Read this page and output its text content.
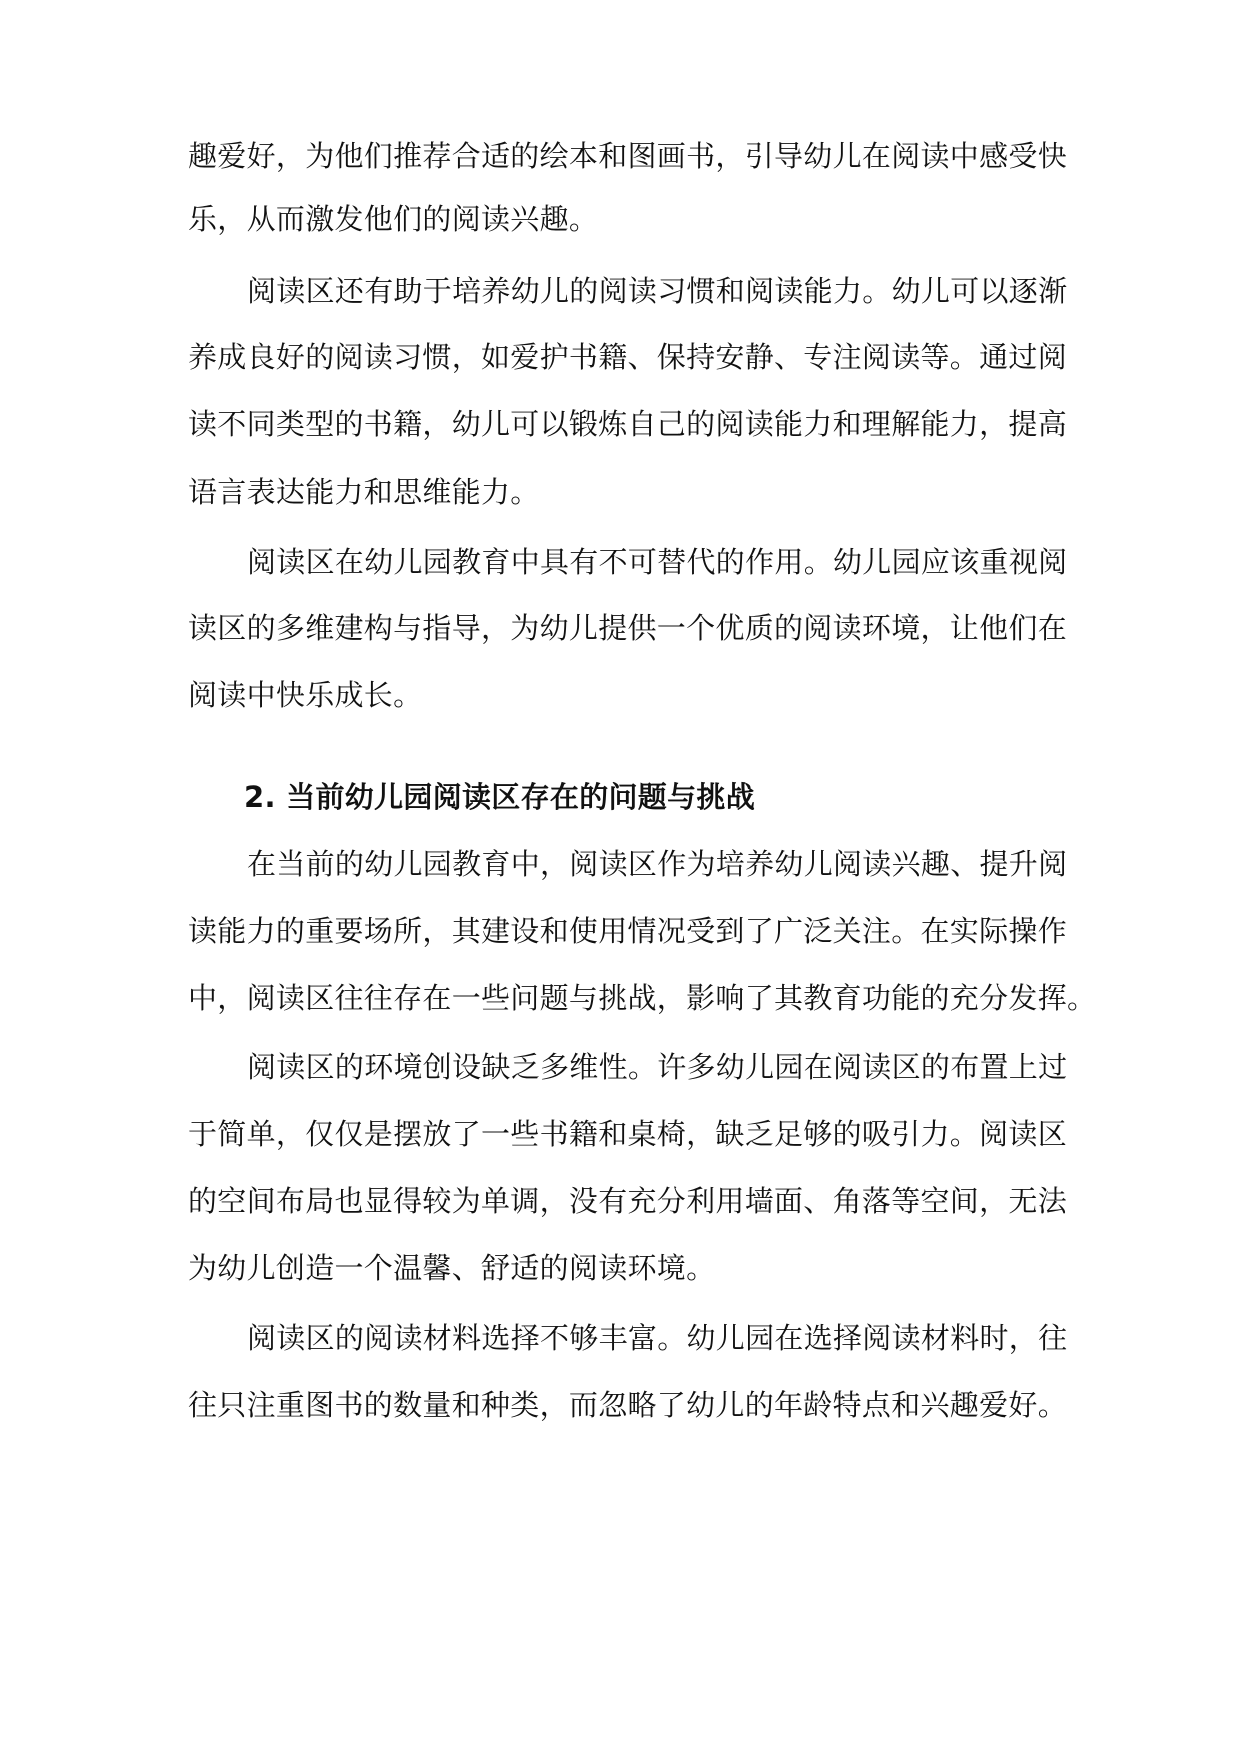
趣爱好，为他们推荐合适的绘本和图画书，引导幼儿在阅读中感受快
乐，从而激发他们的阅读兴趣。
阅读区还有助于培养幼儿的阅读习惯和阅读能力。幼儿可以逐渐
养成良好的阅读习惯，如爱护书籍、保持安静、专注阅读等。通过阅
读不同类型的书籍，幼儿可以锻炼自己的阅读能力和理解能力，提高
语言表达能力和思维能力。
阅读区在幼儿园教育中具有不可替代的作用。幼儿园应该重视阅
读区的多维建构与指导，为幼儿提供一个优质的阅读环境，让他们在
阅读中快乐成长。
2. 当前幼儿园阅读区存在的问题与挑战
在当前的幼儿园教育中，阅读区作为培养幼儿阅读兴趣、提升阅
读能力的重要场所，其建设和使用情况受到了广泛关注。在实际操作
中，阅读区往往存在一些问题与挑战，影响了其教育功能的充分发挥。
阅读区的环境创设缺乏多维性。许多幼儿园在阅读区的布置上过
于简单，仅仅是摆放了一些书籍和桌椅，缺乏足够的吸引力。阅读区
的空间布局也显得较为单调，没有充分利用墙面、角落等空间，无法
为幼儿创造一个温馨、舒适的阅读环境。
阅读区的阅读材料选择不够丰富。幼儿园在选择阅读材料时，往
往只注重图书的数量和种类，而忽略了幼儿的年龄特点和兴趣爱好。
